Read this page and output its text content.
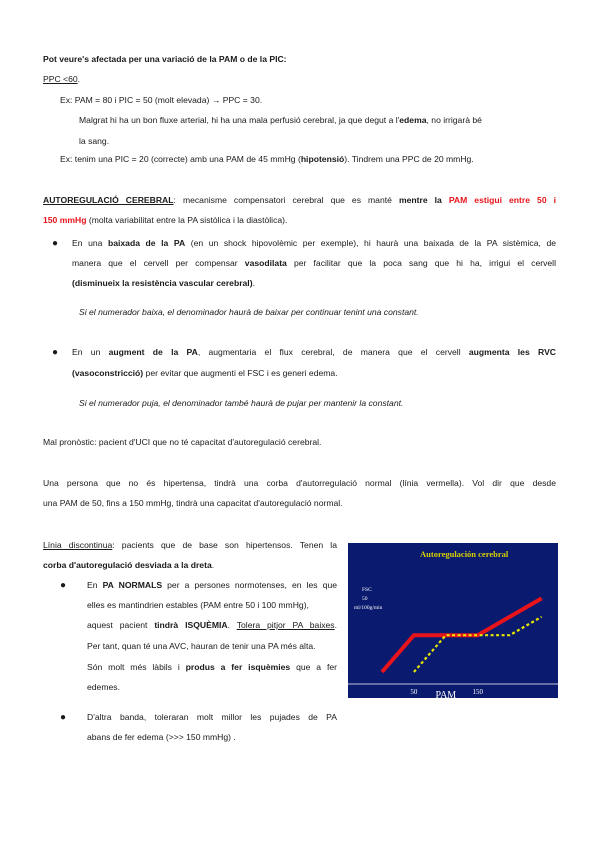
Pot veure's afectada per una variació de la PAM o de la PIC:
PPC <60.
Ex: PAM = 80 i PIC = 50 (molt elevada) → PPC = 30.
Malgrat hi ha un bon fluxe arterial, hi ha una mala perfusió cerebral, ja que degut a l'edema, no irrigarà bé
la sang.
Ex: tenim una PIC = 20 (correcte) amb una PAM de 45 mmHg (hipotensió). Tindrem una PPC de 20 mmHg.
AUTOREGULACIÓ CEREBRAL: mecanisme compensatori cerebral que es manté mentre la PAM estigui entre 50 i
150 mmHg (molta variabilitat entre la PA sistòlica i la diastòlica).
● En una baixada de la PA (en un shock hipovolèmic per exemple), hi haurà una baixada de la PA sistèmica, de
manera que el cervell per compensar vasodilata per facilitar que la poca sang que hi ha, irrigui el cervell
(disminueix la resistència vascular cerebral).
Si el numerador baixa, el denominador haurà de baixar per continuar tenint una constant.
● En un augment de la PA, augmentaria el flux cerebral, de manera que el cervell augmenta les RVC
(vasoconstricció) per evitar que augmenti el FSC i es generi edema.
Si el numerador puja, el denominador també haurà de pujar per mantenir la constant.
Mal pronòstic: pacient d'UCI que no té capacitat d'autoregulació cerebral.
Una persona que no és hipertensa, tindrà una corba d'autorregulació normal (línia vermella). Vol dir que desde
una PAM de 50, fins a 150 mmHg, tindrà una capacitat d'autoregulació normal.
Línia discontinua: pacients que de base son hipertensos. Tenen la
corba d'autoregulació desviada a la dreta.
● En PA NORMALS per a persones normotenses, en les que
elles es mantindrien estables (PAM entre 50 i 100 mmHg),
aquest pacient tindrà ISQUÈMIA. Tolera pitjor PA baixes.
Per tant, quan té una AVC, hauran de tenir una PA més alta.
Són molt més làbils i produs a fer isquèmies que a fer
edemes.
● D'altra banda, toleraran molt millor les pujades de PA
abans de fer edema (>>> 150 mmHg) .
Autoregulación cerebral
FSC
50
ml/100g/min
50	150
PAM
